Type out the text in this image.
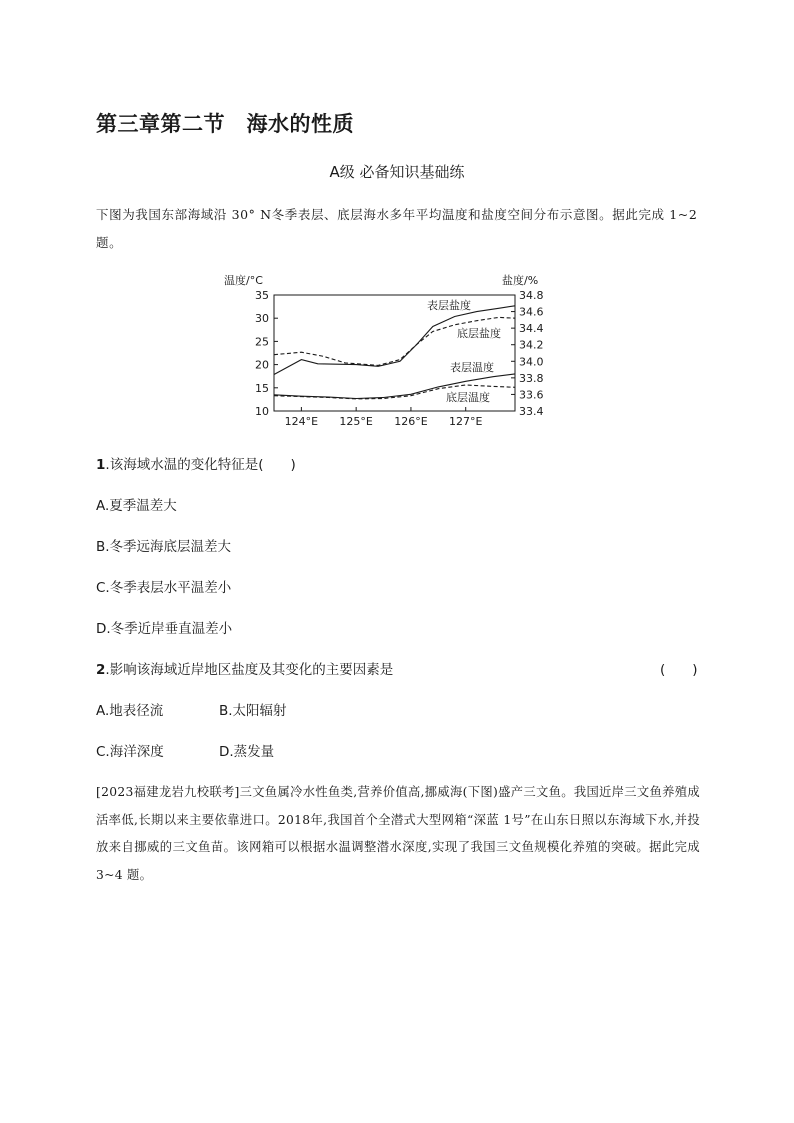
第三章第二节　海水的性质
A级 必备知识基础练
下图为我国东部海域沿 30° N冬季表层、底层海水多年平均温度和盐度空间分布示意图。据此完成 1~2 题。
温度/°C	盐度/%
35
30
25
20
15
10
34.8
34.6
34.4
34.2
34.0
33.8
33.6
33.4
124°E 125°E 126°E 127°E
表层盐度
底层盐度
表层温度
底层温度
1.该海域水温的变化特征是(　　)
A.夏季温差大
B.冬季远海底层温差大
C.冬季表层水平温差小
D.冬季近岸垂直温差小
2.影响该海域近岸地区盐度及其变化的主要因素是	(　　)
A.地表径流	B.太阳辐射
C.海洋深度	D.蒸发量
[2023福建龙岩九校联考]三文鱼属冷水性鱼类,营养价值高,挪威海(下图)盛产三文鱼。我国近岸三文鱼养殖成活率低,长期以来主要依靠进口。2018年,我国首个全潜式大型网箱“深蓝 1号”在山东日照以东海域下水,并投放来自挪威的三文鱼苗。该网箱可以根据水温调整潜水深度,实现了我国三文鱼规模化养殖的突破。据此完成 3~4 题。
